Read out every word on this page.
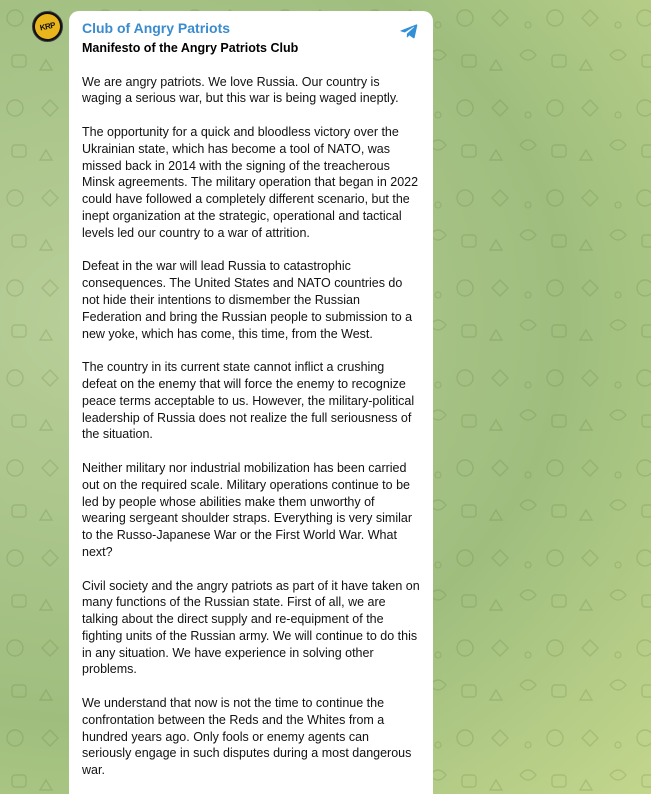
KRP	Club of Angry Patriots
Manifesto of the Angry Patriots Club

We are angry patriots. We love Russia. Our country is waging a serious war, but this war is being waged ineptly.

The opportunity for a quick and bloodless victory over the Ukrainian state, which has become a tool of NATO, was missed back in 2014 with the signing of the treacherous Minsk agreements. The military operation that began in 2022 could have followed a completely different scenario, but the inept organization at the strategic, operational and tactical levels led our country to a war of attrition.

Defeat in the war will lead Russia to catastrophic consequences. The United States and NATO countries do not hide their intentions to dismember the Russian Federation and bring the Russian people to submission to a new yoke, which has come, this time, from the West.

The country in its current state cannot inflict a crushing defeat on the enemy that will force the enemy to recognize peace terms acceptable to us. However, the military-political leadership of Russia does not realize the full seriousness of the situation.

Neither military nor industrial mobilization has been carried out on the required scale. Military operations continue to be led by people whose abilities make them unworthy of wearing sergeant shoulder straps. Everything is very similar to the Russo-Japanese War or the First World War. What next?

Civil society and the angry patriots as part of it have taken on many functions of the Russian state. First of all, we are talking about the direct supply and re-equipment of the fighting units of the Russian army. We will continue to do this in any situation. We have experience in solving other problems.

We understand that now is not the time to continue the confrontation between the Reds and the Whites from a hundred years ago. Only fools or enemy agents can seriously engage in such disputes during a most dangerous war.
